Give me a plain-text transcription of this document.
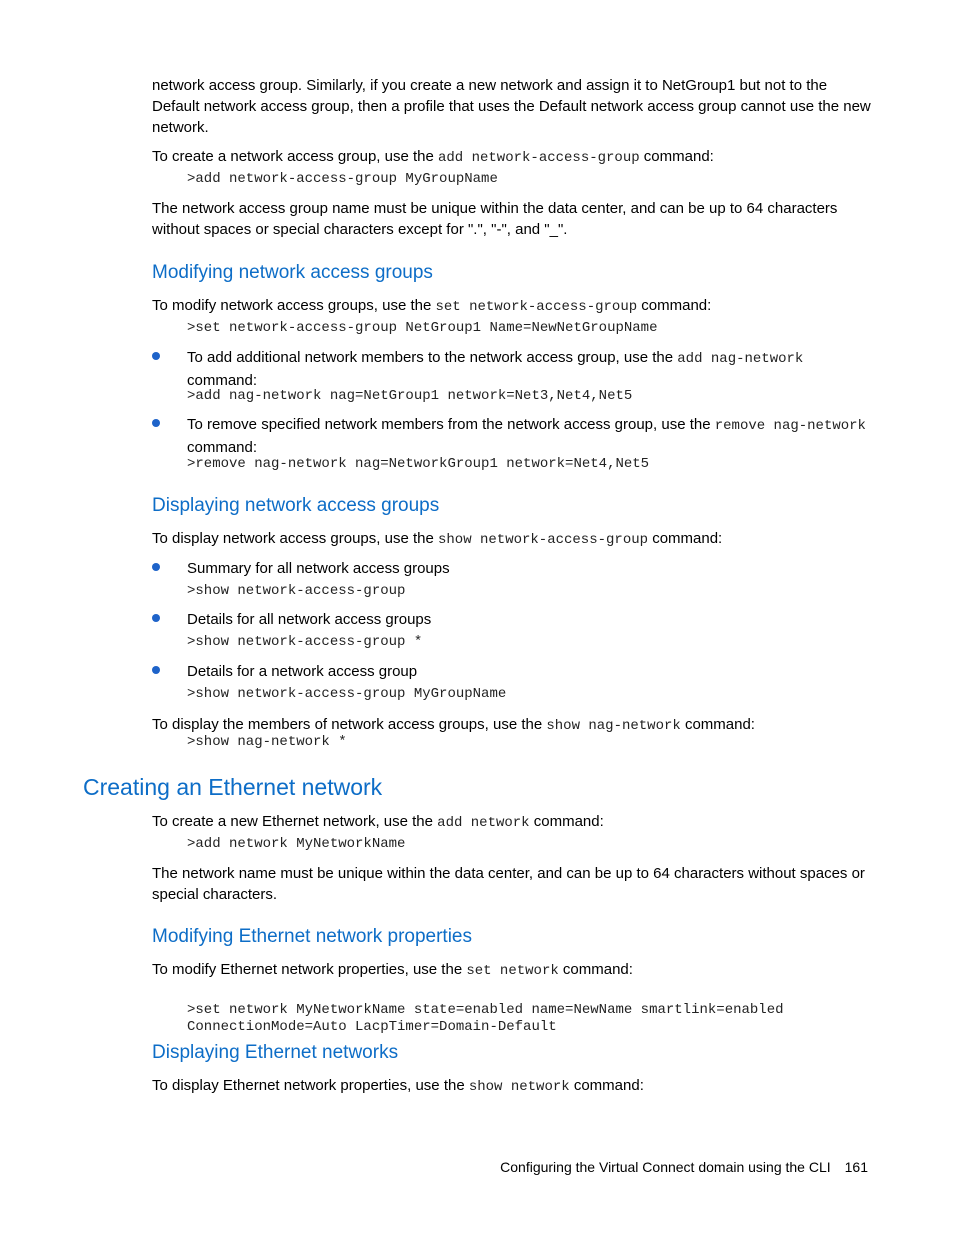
network access group. Similarly, if you create a new network and assign it to NetGroup1 but not to the
Default network access group, then a profile that uses the Default network access group cannot use the new
network.
To create a network access group, use the add network-access-group command:
>add network-access-group MyGroupName
The network access group name must be unique within the data center, and can be up to 64 characters
without spaces or special characters except for ".", "-", and "_".
Modifying network access groups
To modify network access groups, use the set network-access-group command:
>set network-access-group NetGroup1 Name=NewNetGroupName
To add additional network members to the network access group, use the add nag-network
command:
>add nag-network nag=NetGroup1 network=Net3,Net4,Net5
To remove specified network members from the network access group, use the remove nag-network
command:
>remove nag-network nag=NetworkGroup1 network=Net4,Net5
Displaying network access groups
To display network access groups, use the show network-access-group command:
Summary for all network access groups
>show network-access-group
Details for all network access groups
>show network-access-group *
Details for a network access group
>show network-access-group MyGroupName
To display the members of network access groups, use the show nag-network command:
>show nag-network *
Creating an Ethernet network
To create a new Ethernet network, use the add network command:
>add network MyNetworkName
The network name must be unique within the data center, and can be up to 64 characters without spaces or
special characters.
Modifying Ethernet network properties
To modify Ethernet network properties, use the set network command:

>set network MyNetworkName state=enabled name=NewName smartlink=enabled
ConnectionMode=Auto LacpTimer=Domain-Default

Displaying Ethernet networks
To display Ethernet network properties, use the show network command:
Configuring the Virtual Connect domain using the CLI 161
